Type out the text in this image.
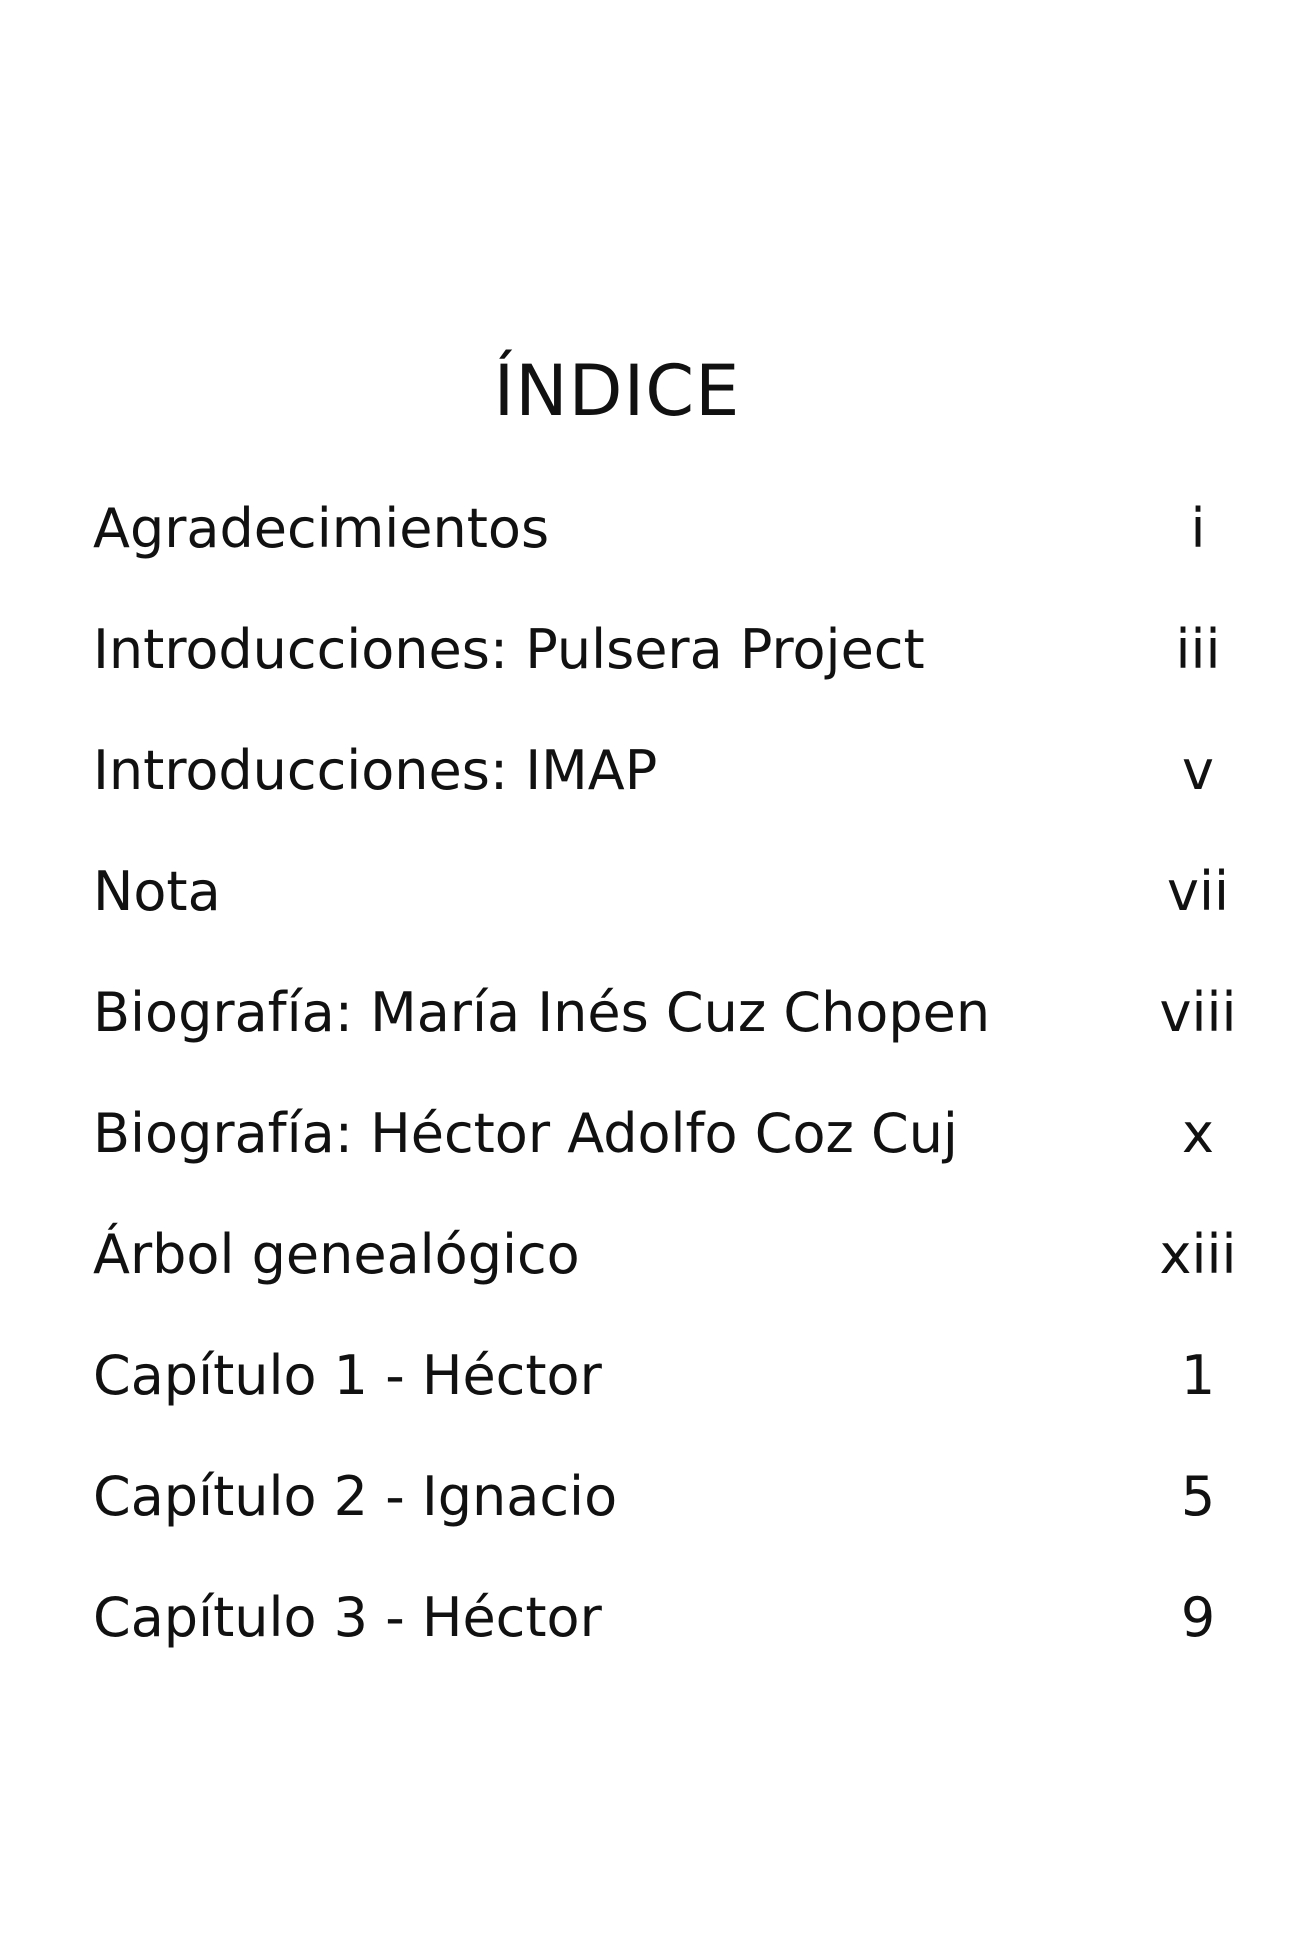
ÍNDICE
Agradecimientos	i
Introducciones: Pulsera Project	iii
Introducciones: IMAP	v
Nota	vii
Biografía: María Inés Cuz Chopen	viii
Biografía: Héctor Adolfo Coz Cuj	x
Árbol genealógico	xiii
Capítulo 1 - Héctor	1
Capítulo 2 - Ignacio	5
Capítulo 3 - Héctor	9
